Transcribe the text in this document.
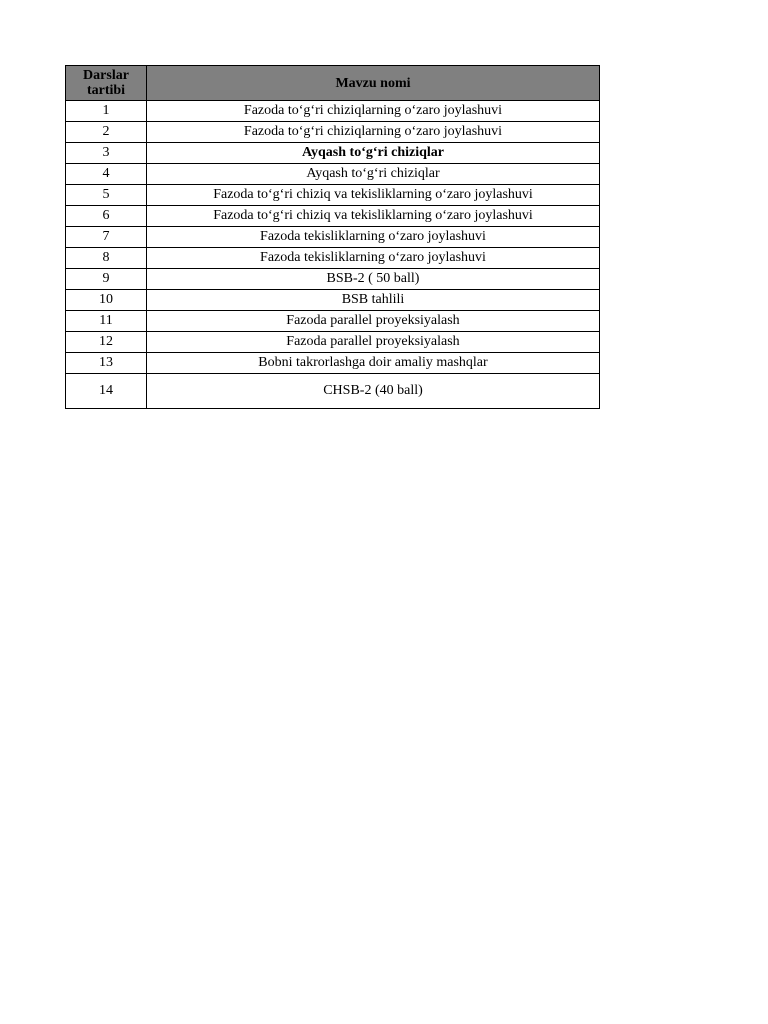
Darslar tartibi	Mavzu nomi
1	Fazoda to‘g‘ri chiziqlarning o‘zaro joylashuvi
2	Fazoda to‘g‘ri chiziqlarning o‘zaro joylashuvi
3	Ayqash to‘g‘ri chiziqlar
4	Ayqash to‘g‘ri chiziqlar
5	Fazoda to‘g‘ri chiziq va tekisliklarning o‘zaro joylashuvi
6	Fazoda to‘g‘ri chiziq va tekisliklarning o‘zaro joylashuvi
7	Fazoda tekisliklarning o‘zaro joylashuvi
8	Fazoda tekisliklarning o‘zaro joylashuvi
9	BSB-2 ( 50 ball)
10	BSB tahlili
11	Fazoda parallel proyeksiyalash
12	Fazoda parallel proyeksiyalash
13	Bobni takrorlashga doir amaliy mashqlar
14	CHSB-2 (40 ball)
